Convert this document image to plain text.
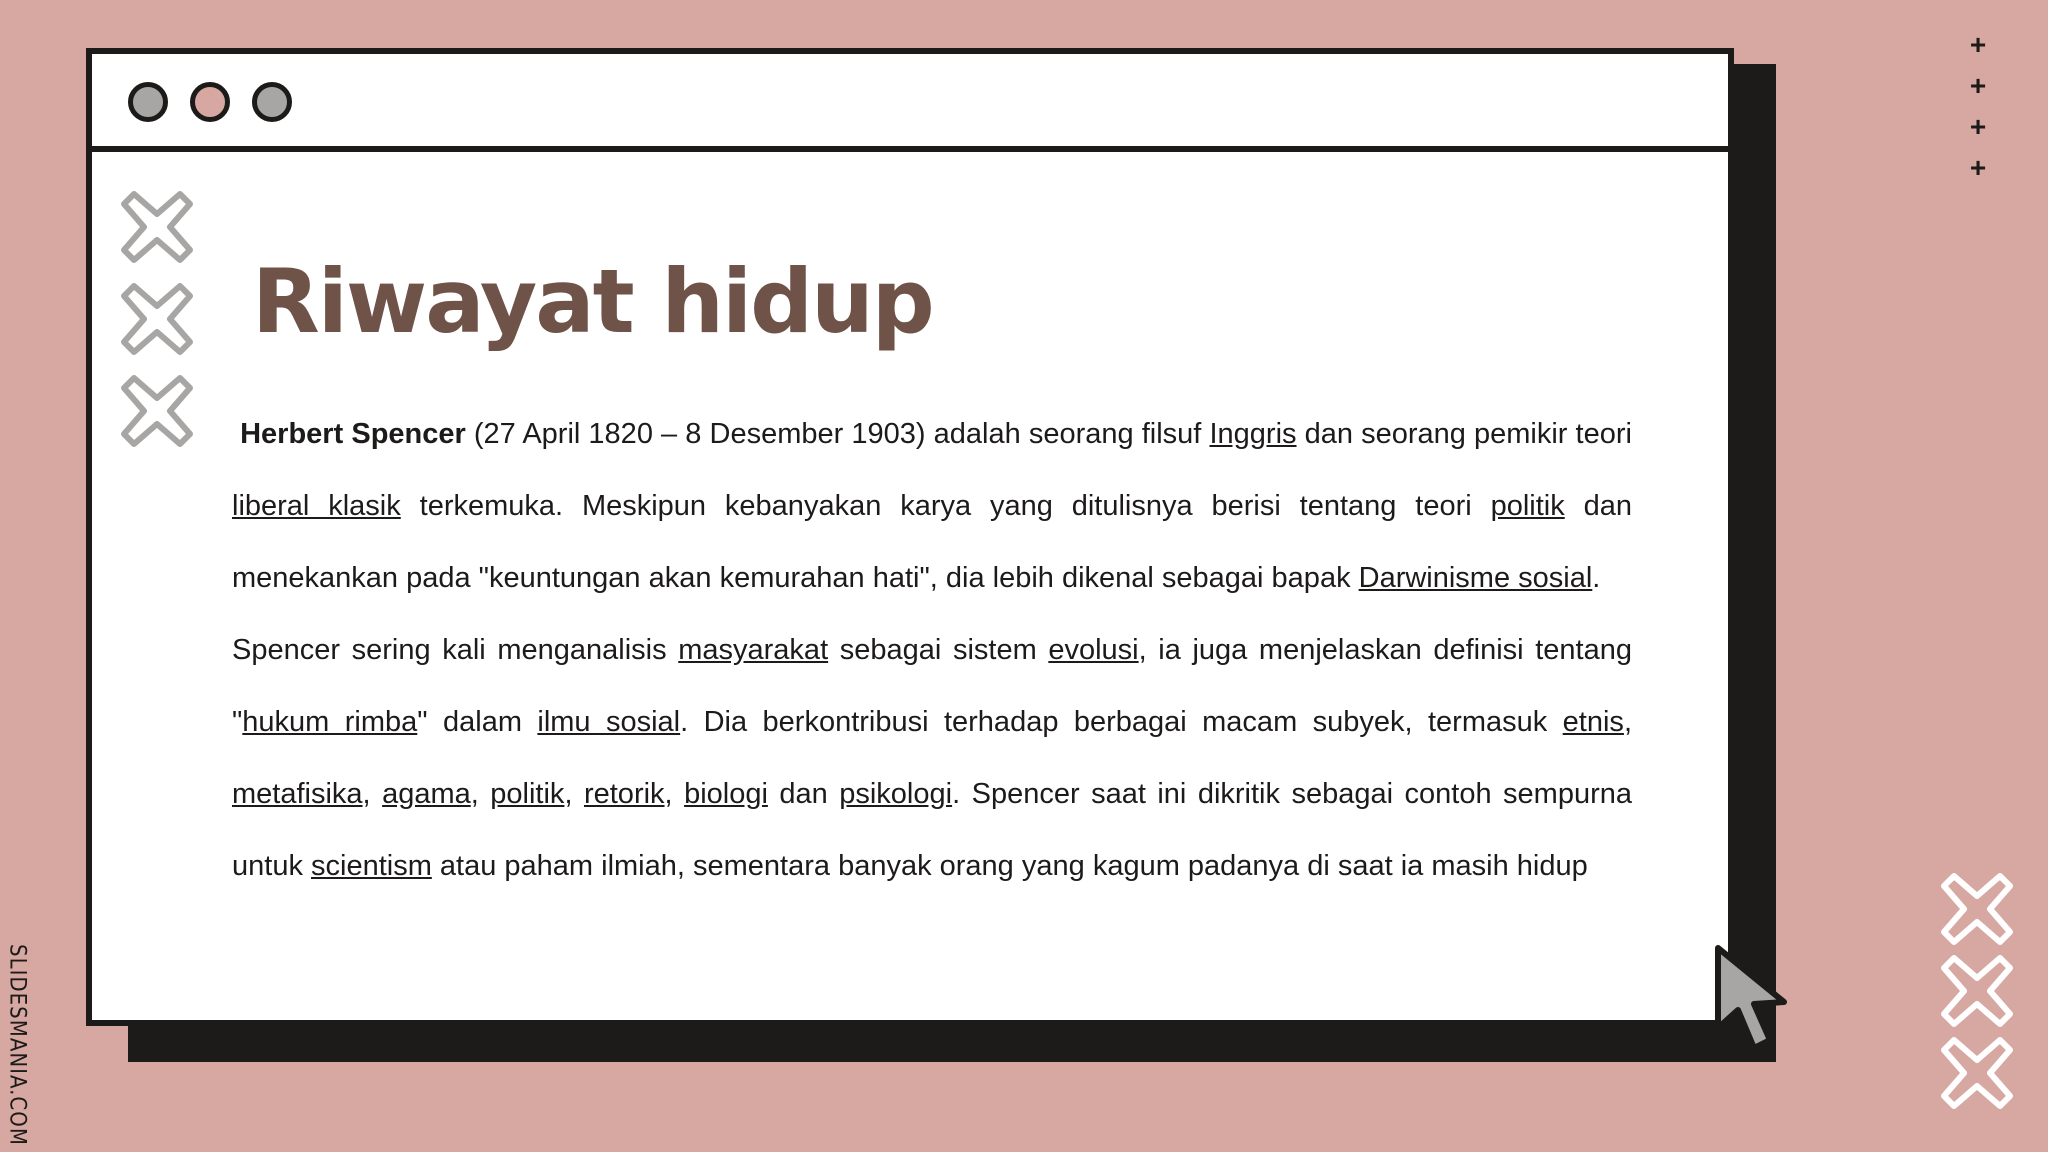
Riwayat hidup

Herbert Spencer (27 April 1820 – 8 Desember 1903) adalah seorang filsuf Inggris dan seorang pemikir teori liberal klasik terkemuka. Meskipun kebanyakan karya yang ditulisnya berisi tentang teori politik dan menekankan pada "keuntungan akan kemurahan hati", dia lebih dikenal sebagai bapak Darwinisme sosial.

Spencer sering kali menganalisis masyarakat sebagai sistem evolusi, ia juga menjelaskan definisi tentang "hukum rimba" dalam ilmu sosial. Dia berkontribusi terhadap berbagai macam subyek, termasuk etnis, metafisika, agama, politik, retorik, biologi dan psikologi. Spencer saat ini dikritik sebagai contoh sempurna untuk scientism atau paham ilmiah, sementara banyak orang yang kagum padanya di saat ia masih hidup

+
+
+
+
SLIDESMANIA.COM
